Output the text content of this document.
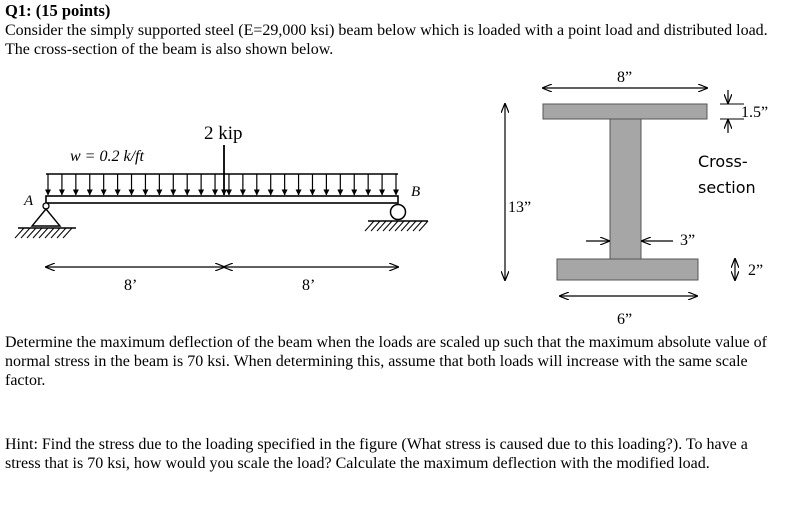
Q1: (15 points)

Consider the simply supported steel (E=29,000 ksi) beam below which is loaded with a point load and distributed load. The cross-section of the beam is also shown below.

w = 0.2 k/ft
2 kip
A
B
8’	8’
8”
1.5”
13”
3”
2”
6”
Cross- section

Determine the maximum deflection of the beam when the loads are scaled up such that the maximum absolute value of normal stress in the beam is 70 ksi. When determining this, assume that both loads will increase with the same scale factor.

Hint: Find the stress due to the loading specified in the figure (What stress is caused due to this loading?). To have a stress that is 70 ksi, how would you scale the load? Calculate the maximum deflection with the modified load.
